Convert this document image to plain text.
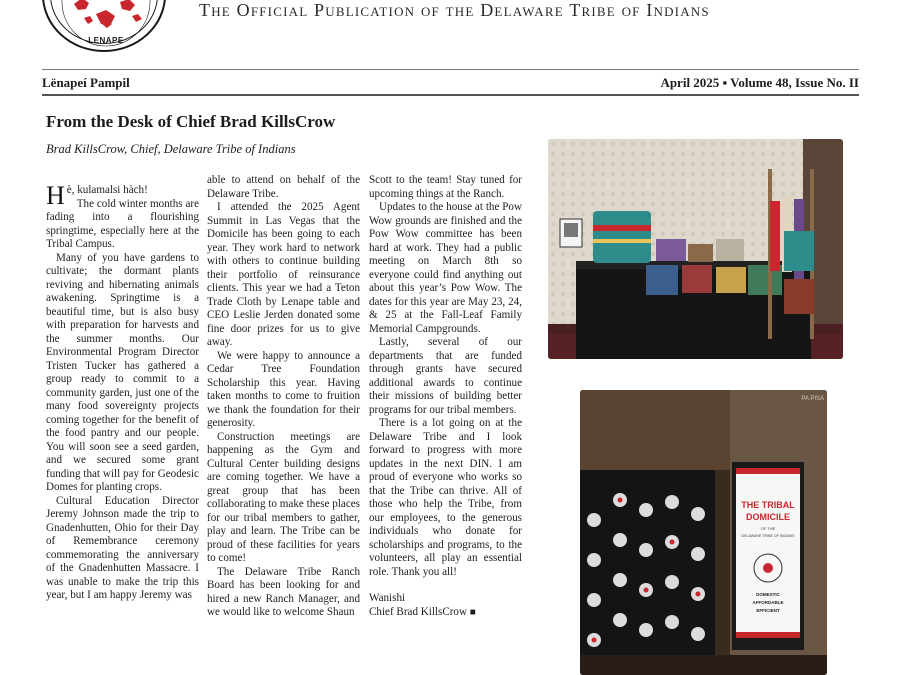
LENAPE
The Official Publication of the Delaware Tribe of Indians
Lënapeí Pampil	April 2025 ▪ Volume 48, Issue No. II
From the Desk of Chief Brad KillsCrow
Brad KillsCrow, Chief, Delaware Tribe of Indians

Hè, kulamalsi hàch!

The cold winter months are fading into a flourishing springtime, especially here at the Tribal Campus.

Many of you have gardens to cultivate; the dormant plants reviving and hibernating animals awakening. Springtime is a beautiful time, but is also busy with preparation for harvests and the summer months. Our Environmental Program Director Tristen Tucker has gathered a group ready to commit to a community garden, just one of the many food sovereignty projects coming together for the benefit of the food pantry and our people. You will soon see a seed garden, and we secured some grant funding that will pay for Geodesic Domes for planting crops.

Cultural Education Director Jeremy Johnson made the trip to Gnadenhutten, Ohio for their Day of Remembrance ceremony commemorating the anniversary of the Gnadenhutten Massacre. I was unable to make the trip this year, but I am happy Jeremy was

able to attend on behalf of the Delaware Tribe.

I attended the 2025 Agent Summit in Las Vegas that the Domicile has been going to each year. They work hard to network with others to continue building their portfolio of reinsurance clients. This year we had a Teton Trade Cloth by Lenape table and CEO Leslie Jerden donated some fine door prizes for us to give away.

We were happy to announce a Cedar Tree Foundation Scholarship this year. Having taken months to come to fruition we thank the foundation for their generosity.

Construction meetings are happening as the Gym and Cultural Center building designs are coming together. We have a great group that has been collaborating to make these places for our tribal members to gather, play and learn. The Tribe can be proud of these facilities for years to come!

The Delaware Tribe Ranch Board has been looking for and hired a new Ranch Manager, and we would like to welcome Shaun

Scott to the team! Stay tuned for upcoming things at the Ranch.

Updates to the house at the Pow Wow grounds are finished and the Pow Wow committee has been hard at work. They had a public meeting on March 8th so everyone could find anything out about this year’s Pow Wow. The dates for this year are May 23, 24, & 25 at the Fall-Leaf Family Memorial Campgrounds.

Lastly, several of our departments that are funded through grants have secured additional awards to continue their missions of building better programs for our tribal members.

There is a lot going on at the Delaware Tribe and I look forward to progress with more updates in the next DIN. I am proud of everyone who works so that the Tribe can thrive. All of those who help the Tribe, from our employees, to the generous individuals who donate for scholarships and programs, to the volunteers, all play an essential role. Thank you all!

Wanishi

Chief Brad KillsCrow ■

THE TRIBAL
DOMICILE
OF THE
DELAWARE TRIBE OF INDIANS
DOMESTIC
AFFORDABLE
EFFICIENT
PA PISA
